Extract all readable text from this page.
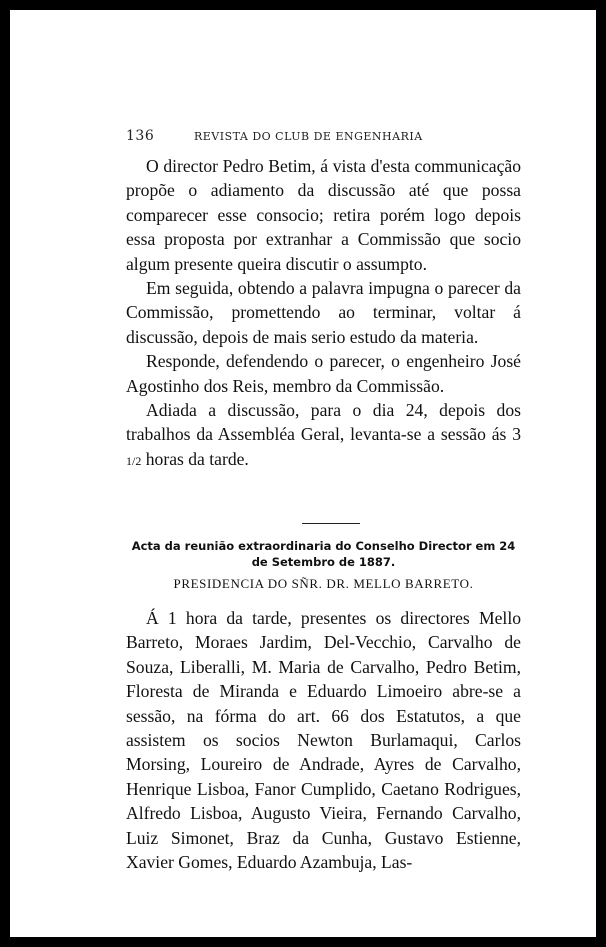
136	REVISTA DO CLUB DE ENGENHARIA

O director Pedro Betim, á vista d'esta communicação propõe o adiamento da discussão até que possa comparecer esse consocio; retira porém logo depois essa proposta por extranhar a Commissão que socio algum presente queira discutir o assumpto.

Em seguida, obtendo a palavra impugna o parecer da Commissão, promettendo ao terminar, voltar á discussão, depois de mais serio estudo da materia.

Responde, defendendo o parecer, o engenheiro José Agostinho dos Reis, membro da Commissão.

Adiada a discussão, para o dia 24, depois dos trabalhos da Assembléa Geral, levanta-se a sessão ás 3 1/2 horas da tarde.

Acta da reunião extraordinaria do Conselho Director em 24 de Setembro de 1887.

PRESIDENCIA DO SÑR. DR. MELLO BARRETO.

Á 1 hora da tarde, presentes os directores Mello Barreto, Moraes Jardim, Del-Vecchio, Carvalho de Souza, Liberalli, M. Maria de Carvalho, Pedro Betim, Floresta de Miranda e Eduardo Limoeiro abre-se a sessão, na fórma do art. 66 dos Estatutos, a que assistem os socios Newton Burlamaqui, Carlos Morsing, Loureiro de Andrade, Ayres de Carvalho, Henrique Lisboa, Fanor Cumplido, Caetano Rodrigues, Alfredo Lisboa, Augusto Vieira, Fernando Carvalho, Luiz Simonet, Braz da Cunha, Gustavo Estienne, Xavier Gomes, Eduardo Azambuja, Las-
